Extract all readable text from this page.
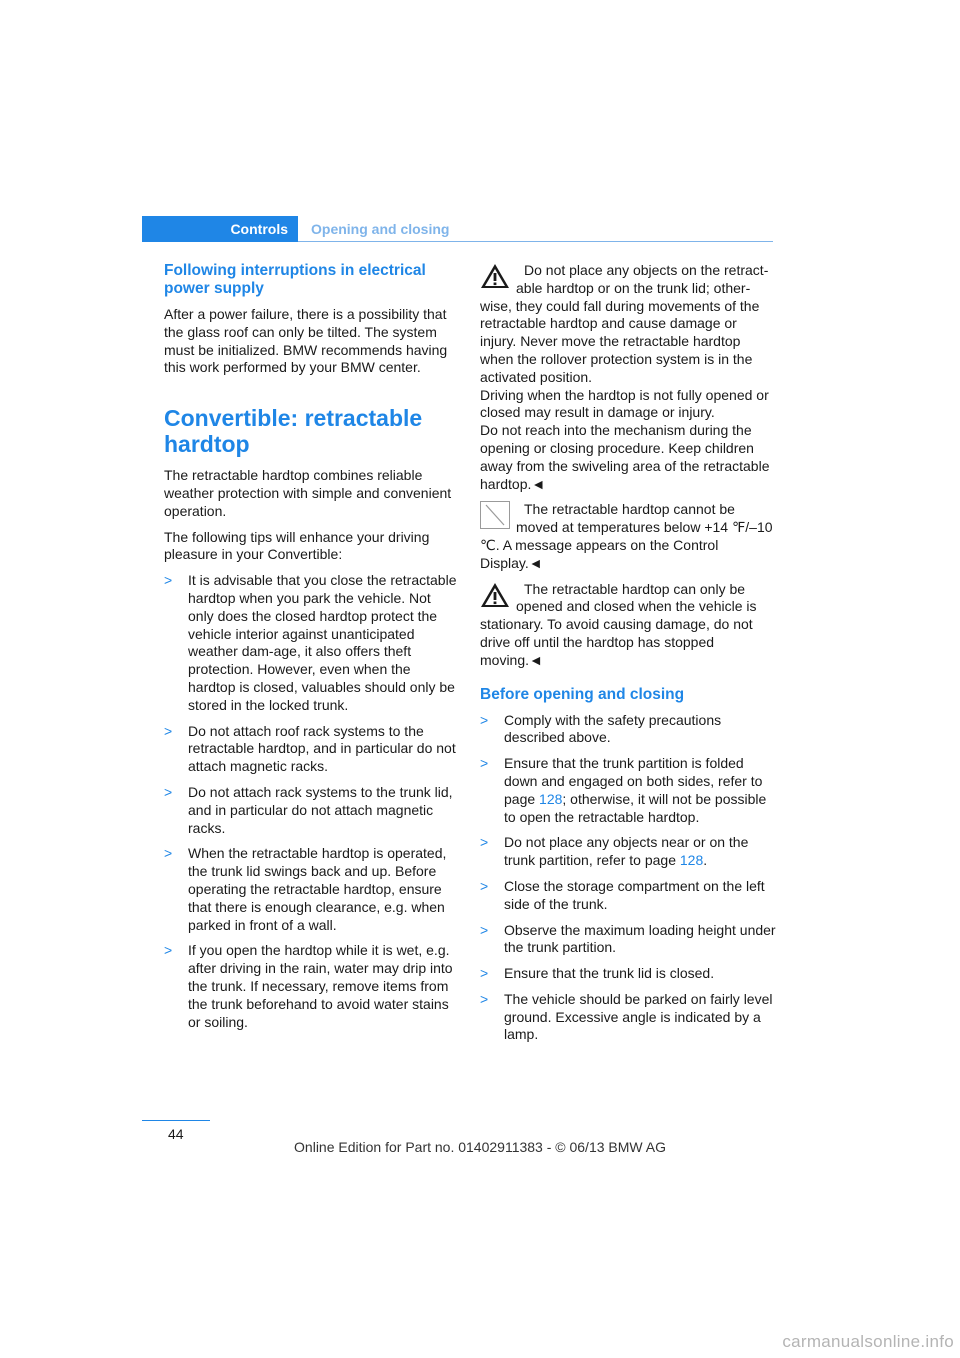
Controls	Opening and closing
Following interruptions in electrical power supply

After a power failure, there is a possibility that the glass roof can only be tilted. The system must be initialized. BMW recommends having this work performed by your BMW center.

Convertible: retractable hardtop

The retractable hardtop combines reliable weather protection with simple and convenient operation.

The following tips will enhance your driving pleasure in your Convertible:

> It is advisable that you close the retractable hardtop when you park the vehicle. Not only does the closed hardtop protect the vehicle interior against unanticipated weather dam-age, it also offers theft protection. However, even when the hardtop is closed, valuables should only be stored in the locked trunk.
> Do not attach roof rack systems to the retractable hardtop, and in particular do not attach magnetic racks.
> Do not attach rack systems to the trunk lid, and in particular do not attach magnetic racks.
> When the retractable hardtop is operated, the trunk lid swings back and up. Before operating the retractable hardtop, ensure that there is enough clearance, e.g. when parked in front of a wall.
> If you open the hardtop while it is wet, e.g. after driving in the rain, water may drip into the trunk. If necessary, remove items from the trunk beforehand to avoid water stains or soiling.
Do not place any objects on the retract-able hardtop or on the trunk lid; other-wise, they could fall during movements of the retractable hardtop and cause damage or injury. Never move the retractable hardtop when the rollover protection system is in the activated position.
Driving when the hardtop is not fully opened or closed may result in damage or injury.
Do not reach into the mechanism during the opening or closing procedure. Keep children away from the swiveling area of the retractable hardtop.◄
The retractable hardtop cannot be moved at temperatures below +14 ℉/–10 ℃. A message appears on the Control Display.◄
The retractable hardtop can only be opened and closed when the vehicle is stationary. To avoid causing damage, do not drive off until the hardtop has stopped moving.◄
Before opening and closing
> Comply with the safety precautions described above.
> Ensure that the trunk partition is folded down and engaged on both sides, refer to page 128; otherwise, it will not be possible to open the retractable hardtop.
> Do not place any objects near or on the trunk partition, refer to page 128.
> Close the storage compartment on the left side of the trunk.
> Observe the maximum loading height under the trunk partition.
> Ensure that the trunk lid is closed.
> The vehicle should be parked on fairly level ground. Excessive angle is indicated by a lamp.
44
Online Edition for Part no. 01402911383 - © 06/13 BMW AG
carmanualsonline.info
